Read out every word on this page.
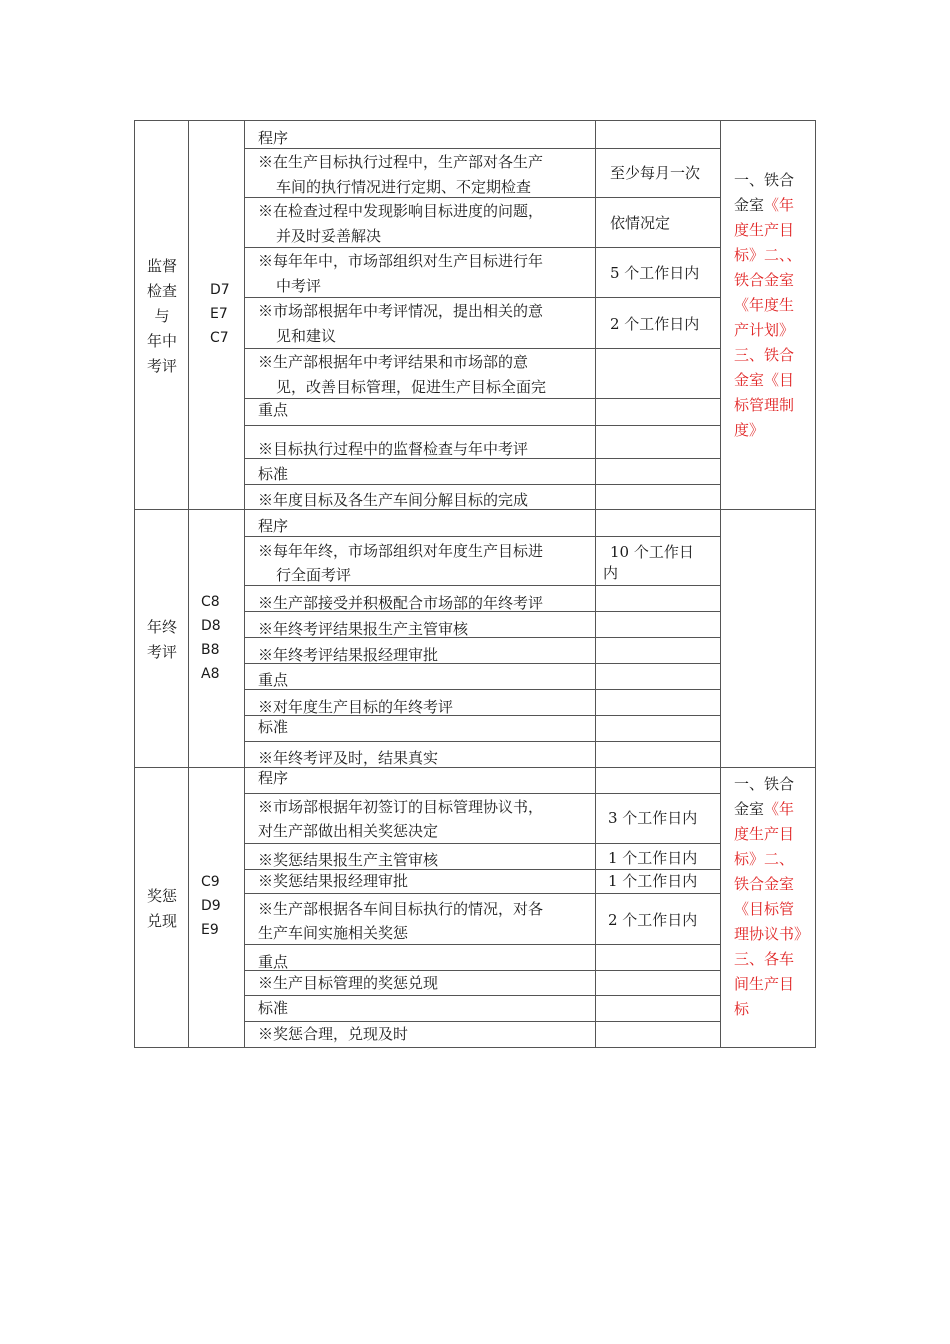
监督
检查
与
年中
考评
D7
E7
C7
程序
※在生产目标执行过程中，生产部对各生产
车间的执行情况进行定期、不定期检查
至少每月一次
※在检查过程中发现影响目标进度的问题，
并及时妥善解决
依情况定
※每年年中，市场部组织对生产目标进行年
中考评
5 个工作日内
※市场部根据年中考评情况，提出相关的意
见和建议
2 个工作日内
※生产部根据年中考评结果和市场部的意
见，改善目标管理，促进生产目标全面完
重点
※目标执行过程中的监督检查与年中考评
标准
※年度目标及各生产车间分解目标的完成
一、铁合金室《年度生产目标》二、、铁合金室《年度生产计划》三、铁合金室《目标管理制度》
年终
考评
C8
D8
B8
A8
程序
※每年年终，市场部组织对年度生产目标进
行全面考评
10 个工作日
内
※生产部接受并积极配合市场部的年终考评
※年终考评结果报生产主管审核
※年终考评结果报经理审批
重点
※对年度生产目标的年终考评
标准
※年终考评及时，结果真实
奖惩
兑现
C9
D9
E9
程序
※市场部根据年初签订的目标管理协议书，
对生产部做出相关奖惩决定
3 个工作日内
※奖惩结果报生产主管审核	1 个工作日内
※奖惩结果报经理审批	1 个工作日内
※生产部根据各车间目标执行的情况，对各
生产车间实施相关奖惩
2 个工作日内
重点
※生产目标管理的奖惩兑现
标准
※奖惩合理，兑现及时
一、铁合金室《年度生产目标》二、铁合金室《目标管理协议书》三、各车间生产目标
